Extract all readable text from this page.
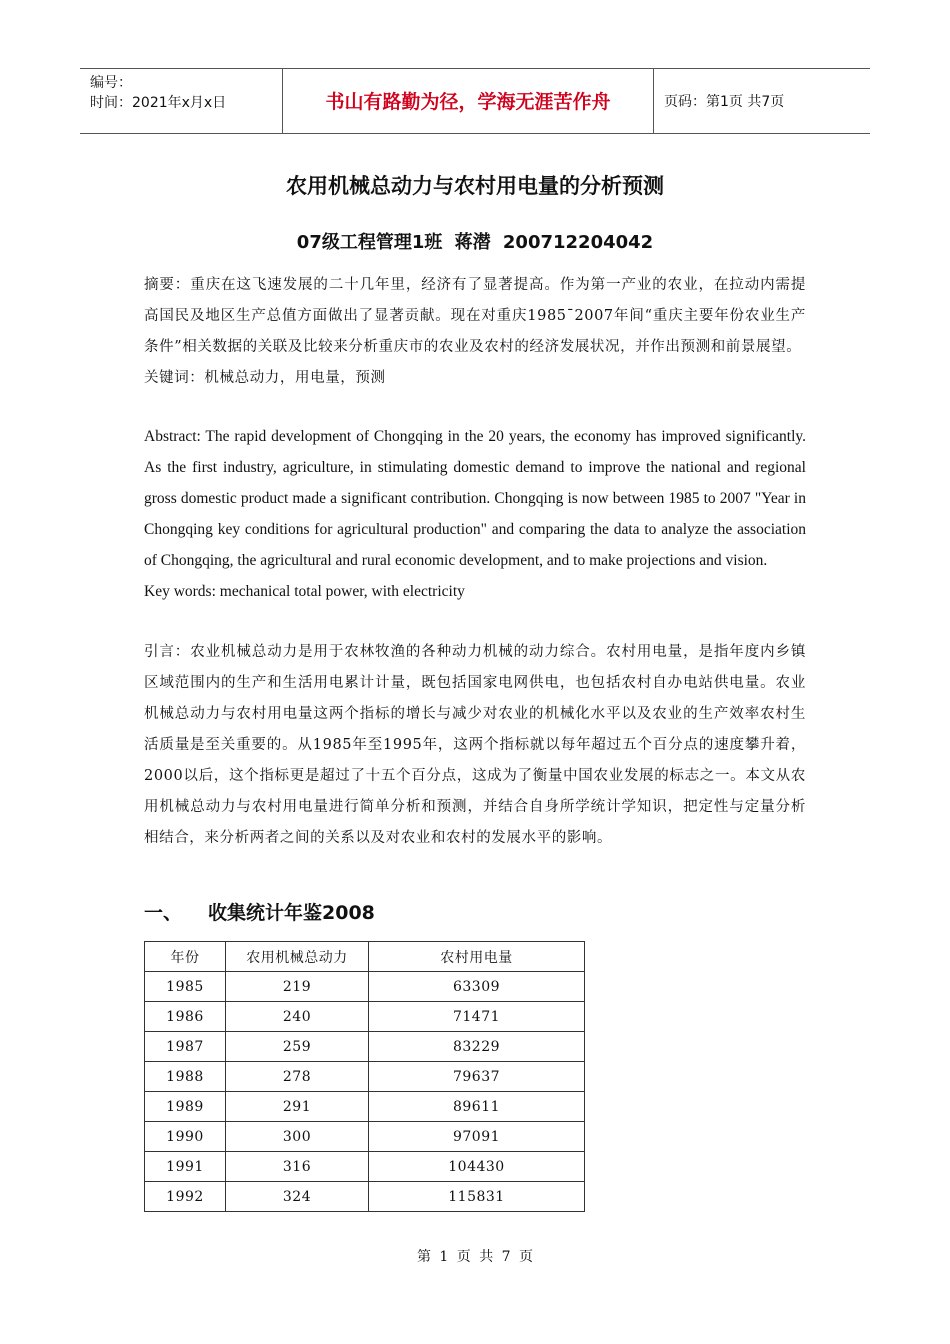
编号：
时间：2021年x月x日	书山有路勤为径，学海无涯苦作舟	页码：第1页 共7页
农用机械总动力与农村用电量的分析预测
07级工程管理1班 蒋潜 200712204042

摘要：重庆在这飞速发展的二十几年里，经济有了显著提高。作为第一产业的农业，在拉动内需提高国民及地区生产总值方面做出了显著贡献。现在对重庆1985¯2007年间“重庆主要年份农业生产条件”相关数据的关联及比较来分析重庆市的农业及农村的经济发展状况，并作出预测和前景展望。

关键词：机械总动力，用电量，预测

Abstract: The rapid development of Chongqing in the 20 years, the economy has improved significantly. As the first industry, agriculture, in stimulating domestic demand to improve the national and regional gross domestic product made a significant contribution. Chongqing is now between 1985 to 2007 "Year in Chongqing key conditions for agricultural production" and comparing the data to analyze the association of Chongqing, the agricultural and rural economic development, and to make projections and vision.

Key words: mechanical total power, with electricity

引言：农业机械总动力是用于农林牧渔的各种动力机械的动力综合。农村用电量，是指年度内乡镇区域范围内的生产和生活用电累计计量，既包括国家电网供电，也包括农村自办电站供电量。农业机械总动力与农村用电量这两个指标的增长与减少对农业的机械化水平以及农业的生产效率农村生活质量是至关重要的。从1985年至1995年，这两个指标就以每年超过五个百分点的速度攀升着，2000以后，这个指标更是超过了十五个百分点，这成为了衡量中国农业发展的标志之一。本文从农用机械总动力与农村用电量进行简单分析和预测，并结合自身所学统计学知识，把定性与定量分析相结合，来分析两者之间的关系以及对农业和农村的发展水平的影响。

一、 收集统计年鉴2008
年份	农用机械总动力	农村用电量
1985	219	63309
1986	240	71471
1987	259	83229
1988	278	79637
1989	291	89611
1990	300	97091
1991	316	104430
1992	324	115831
第 1 页 共 7 页
